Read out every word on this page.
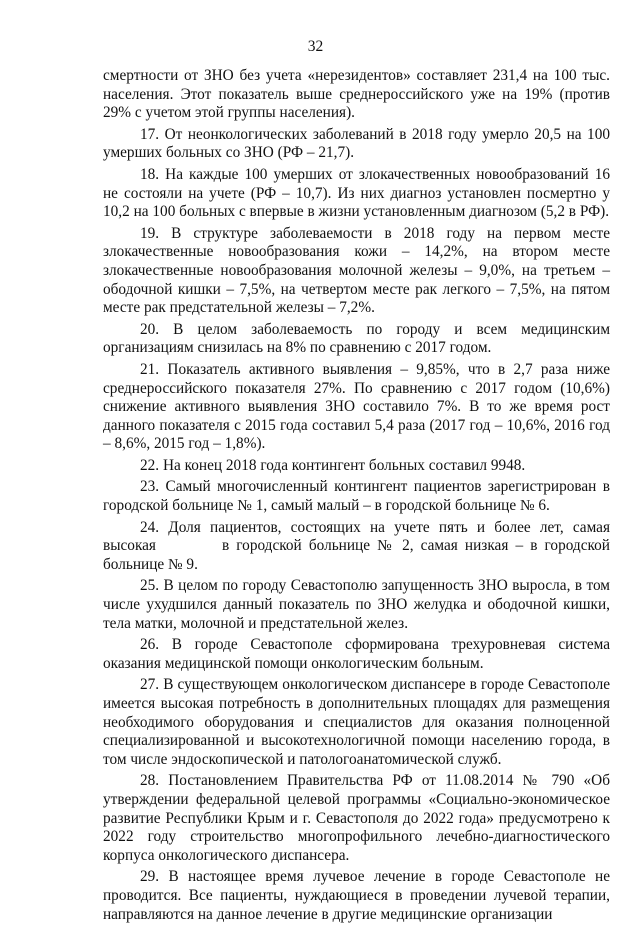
32

смертности от ЗНО без учета «нерезидентов» составляет 231,4 на 100 тыс. населения. Этот показатель выше среднероссийского уже на 19% (против 29% с учетом этой группы населения).

17. От неонкологических заболеваний в 2018 году умерло 20,5 на 100 умерших больных со ЗНО (РФ – 21,7).

18. На каждые 100 умерших от злокачественных новообразований 16 не состояли на учете (РФ – 10,7). Из них диагноз установлен посмертно у 10,2 на 100 больных с впервые в жизни установленным диагнозом (5,2 в РФ).

19. В структуре заболеваемости в 2018 году на первом месте злокачественные новообразования кожи – 14,2%, на втором месте злокачественные новообразования молочной железы – 9,0%, на третьем – ободочной кишки – 7,5%, на четвертом месте рак легкого – 7,5%, на пятом месте рак предстательной железы – 7,2%.

20. В целом заболеваемость по городу и всем медицинским организациям снизилась на 8% по сравнению с 2017 годом.

21. Показатель активного выявления – 9,85%, что в 2,7 раза ниже среднероссийского показателя 27%. По сравнению с 2017 годом (10,6%) снижение активного выявления ЗНО составило 7%. В то же время рост данного показателя с 2015 года составил 5,4 раза (2017 год – 10,6%, 2016 год – 8,6%, 2015 год – 1,8%).

22. На конец 2018 года контингент больных составил 9948.

23. Самый многочисленный контингент пациентов зарегистрирован в городской больнице № 1, самый малый – в городской больнице № 6.

24. Доля пациентов, состоящих на учете пять и более лет, самая высокая	в городской больнице № 2, самая низкая – в городской больнице № 9.

25. В целом по городу Севастополю запущенность ЗНО выросла, в том числе ухудшился данный показатель по ЗНО желудка и ободочной кишки, тела матки, молочной и предстательной желез.

26. В городе Севастополе сформирована трехуровневая система оказания медицинской помощи онкологическим больным.

27. В существующем онкологическом диспансере в городе Севастополе имеется высокая потребность в дополнительных площадях для размещения необходимого оборудования и специалистов для оказания полноценной специализированной и высокотехнологичной помощи населению города, в том числе эндоскопической и патологоанатомической служб.

28. Постановлением Правительства РФ от 11.08.2014 № 790 «Об утверждении федеральной целевой программы «Социально-экономическое развитие Республики Крым и г. Севастополя до 2022 года» предусмотрено к 2022 году строительство многопрофильного лечебно-диагностического корпуса онкологического диспансера.

29. В настоящее время лучевое лечение в городе Севастополе не проводится. Все пациенты, нуждающиеся в проведении лучевой терапии, направляются на данное лечение в другие медицинские организации
